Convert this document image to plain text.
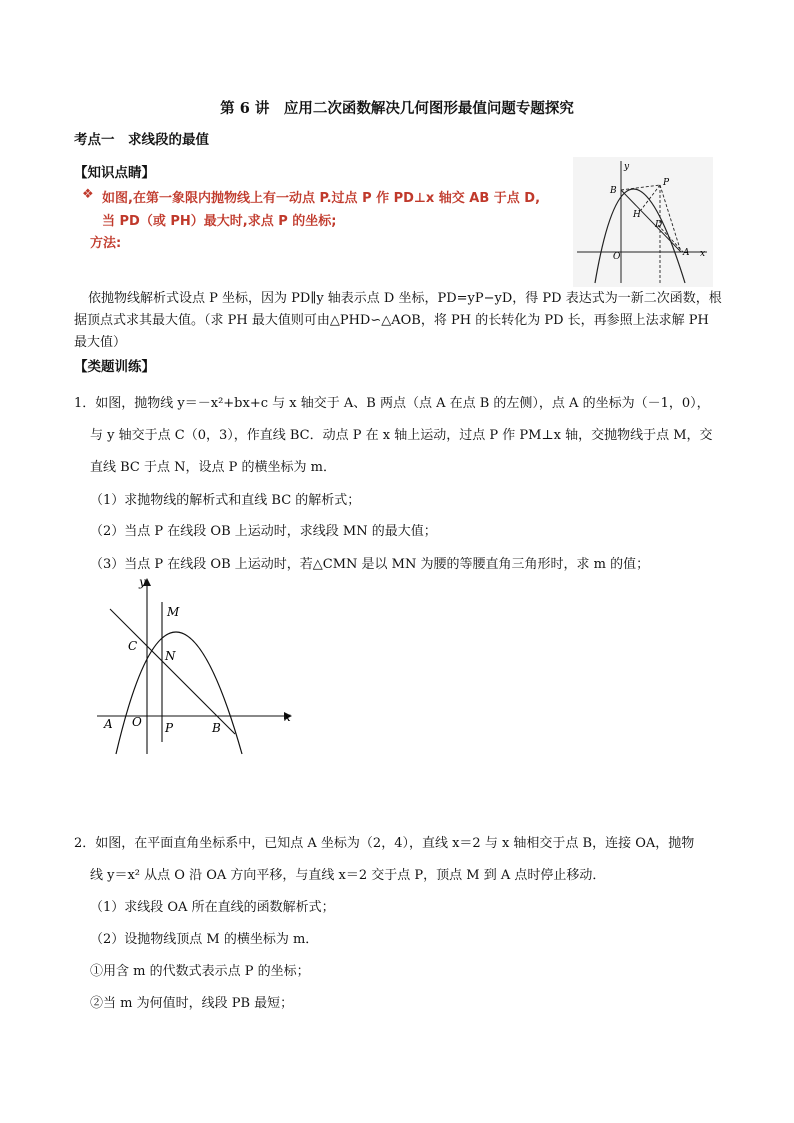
第 6 讲　应用二次函数解决几何图形最值问题专题探究
考点一　求线段的最值
【知识点睛】
❖ 如图,在第一象限内抛物线上有一动点 P.过点 P 作 PD⊥x 轴交 AB 于点 D,
当 PD（或 PH）最大时,求点 P 的坐标;
方法:
B
P
H
D
O	A x
y
依抛物线解析式设点 P 坐标，因为 PD∥y 轴表示点 D 坐标，PD=yP−yD，得 PD 表达式为一新二次函数，根据顶点式求其最大值。（求 PH 最大值则可由△PHD∽△AOB，将 PH 的长转化为 PD 长，再参照上法求解 PH 最大值）
【类题训练】
1．如图，抛物线 y＝－x²+bx+c 与 x 轴交于 A、B 两点（点 A 在点 B 的左侧），点 A 的坐标为（－1，0），
与 y 轴交于点 C（0，3），作直线 BC．动点 P 在 x 轴上运动，过点 P 作 PM⊥x 轴，交抛物线于点 M，交
直线 BC 于点 N，设点 P 的横坐标为 m．
（1）求抛物线的解析式和直线 BC 的解析式；
（2）当点 P 在线段 OB 上运动时，求线段 MN 的最大值；
（3）当点 P 在线段 OB 上运动时，若△CMN 是以 MN 为腰的等腰直角三角形时，求 m 的值；
M
C
N
A O P	B
x
y
2．如图，在平面直角坐标系中，已知点 A 坐标为（2，4），直线 x＝2 与 x 轴相交于点 B，连接 OA，抛物
线 y＝x² 从点 O 沿 OA 方向平移，与直线 x＝2 交于点 P，顶点 M 到 A 点时停止移动．
（1）求线段 OA 所在直线的函数解析式；
（2）设抛物线顶点 M 的横坐标为 m．
①用含 m 的代数式表示点 P 的坐标；
②当 m 为何值时，线段 PB 最短；
